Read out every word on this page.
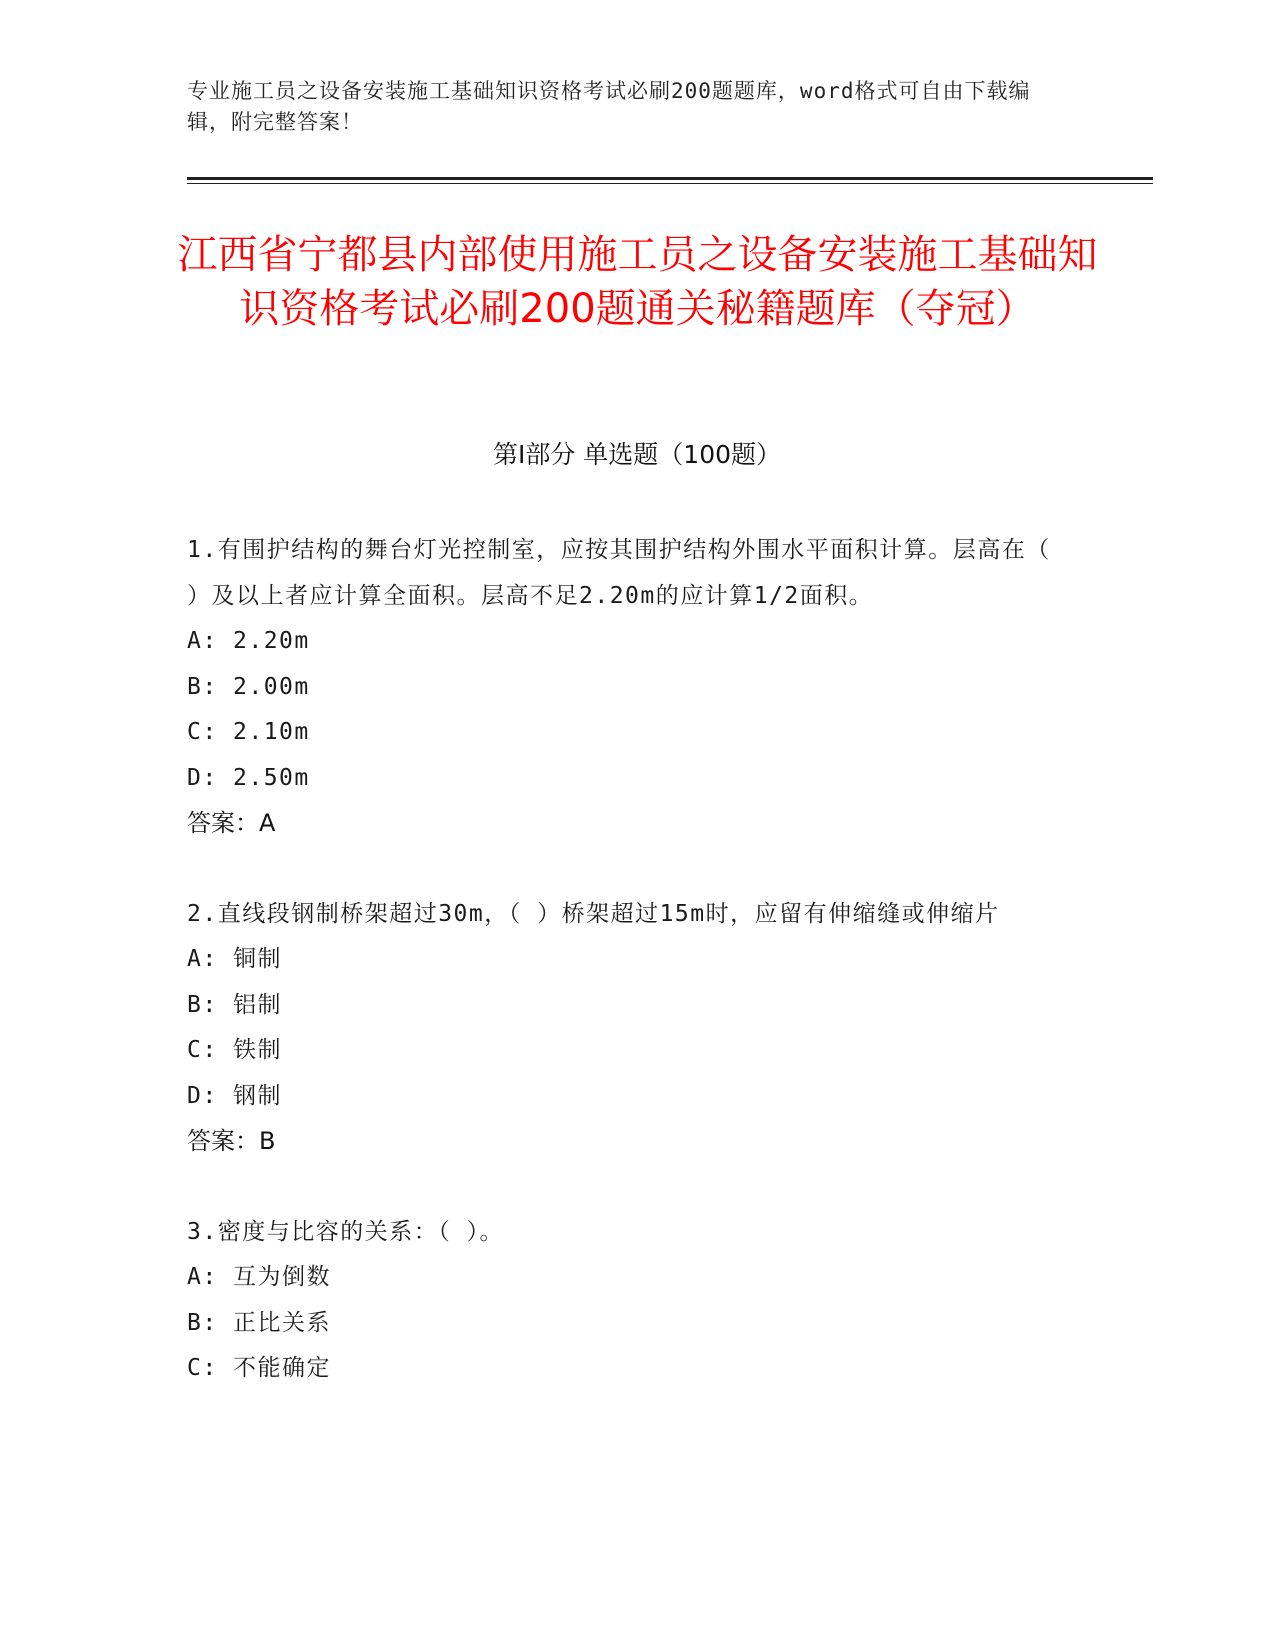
专业施工员之设备安装施工基础知识资格考试必刷200题题库，word格式可自由下载编辑，附完整答案！
江西省宁都县内部使用施工员之设备安装施工基础知识资格考试必刷200题通关秘籍题库（夺冠）
第Ⅰ部分 单选题（100题）
1.有围护结构的舞台灯光控制室，应按其围护结构外围水平面积计算。层高在（ ）及以上者应计算全面积。层高不足2.20m的应计算1/2面积。
A: 2.20m
B: 2.00m
C: 2.10m
D: 2.50m
答案：A
2.直线段钢制桥架超过30m，（ ）桥架超过15m时，应留有伸缩缝或伸缩片
A: 铜制
B: 铝制
C: 铁制
D: 钢制
答案：B
3.密度与比容的关系：（ ）。
A: 互为倒数
B: 正比关系
C: 不能确定
